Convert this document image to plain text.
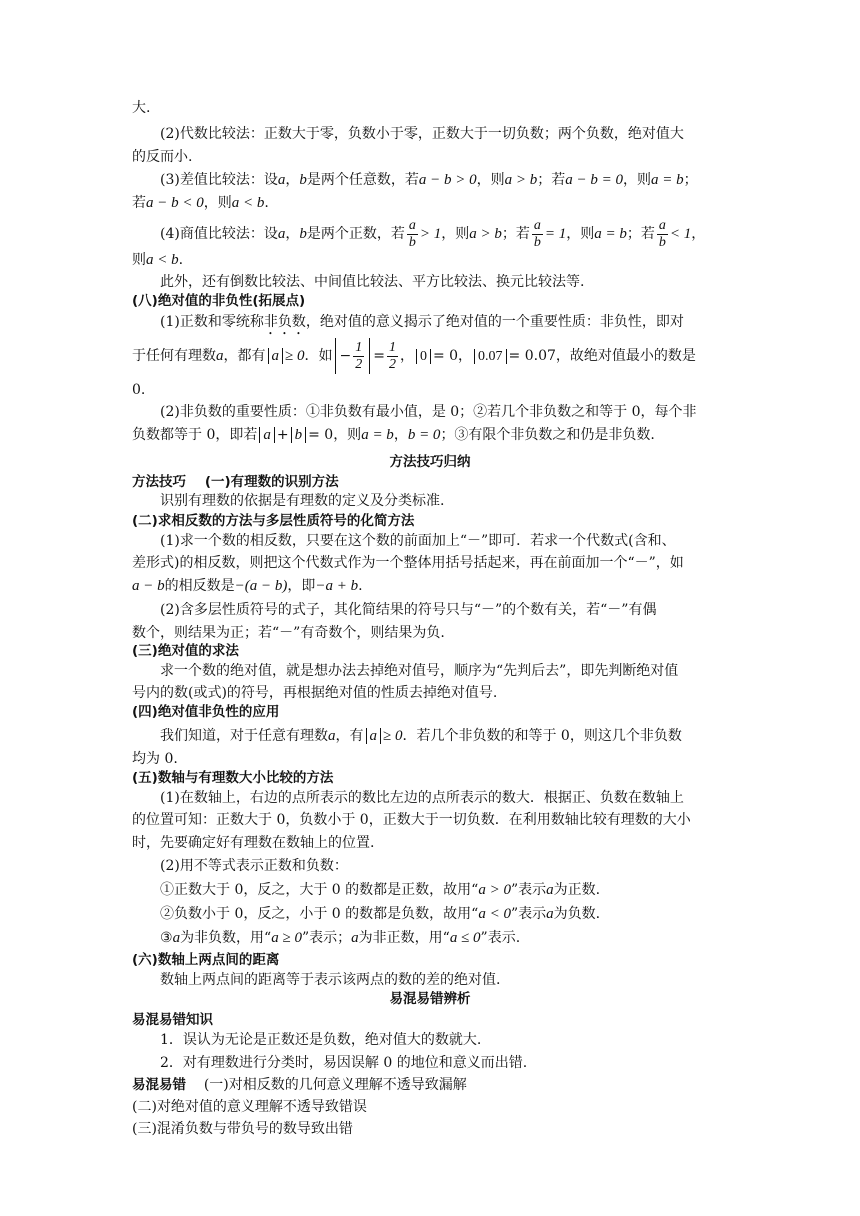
大.
(2)代数比较法：正数大于零，负数小于零，正数大于一切负数；两个负数，绝对值大
的反而小.
(3)差值比较法：设a，b是两个任意数，若a − b > 0，则a > b；若a − b = 0，则a = b；
若a − b < 0，则a < b.
(4)商值比较法：设a，b是两个正数，若 $\frac{a}{b} > 1$，则a > b；若 $\frac{a}{b} = 1$，则a = b；若 $\frac{a}{b} < 1$，
则a < b.
此外，还有倒数比较法、中间值比较法、平方比较法、换元比较法等.
(八)绝对值的非负性(拓展点)
(1)正数和零统称非负数，绝对值的意义揭示了绝对值的一个重要性质：非负性，即对
于任何有理数a，都有 a ≥ 0．如 − $\frac{1}{2} = \frac{1}{2}$ ， 0 = 0， 0.07 = 0.07，故绝对值最小的数是
0.
(2)非负数的重要性质：①非负数有最小值，是 0；②若几个非负数之和等于 0，每个非
负数都等于 0，即若 a + b = 0，则a = b，b = 0；③有限个非负数之和仍是非负数.
方法技巧归纳
方法技巧 (一)有理数的识别方法
识别有理数的依据是有理数的定义及分类标准.
(二)求相反数的方法与多层性质符号的化简方法
(1)求一个数的相反数，只要在这个数的前面加上“－”即可．若求一个代数式(含和、
差形式)的相反数，则把这个代数式作为一个整体用括号括起来，再在前面加一个“－”，如
a − b的相反数是−(a − b)，即−a + b.
(2)含多层性质符号的式子，其化简结果的符号只与“－”的个数有关，若“－”有偶
数个，则结果为正；若“－”有奇数个，则结果为负.
(三)绝对值的求法
求一个数的绝对值，就是想办法去掉绝对值号，顺序为“先判后去”，即先判断绝对值
号内的数(或式)的符号，再根据绝对值的性质去掉绝对值号.
(四)绝对值非负性的应用
我们知道，对于任意有理数a，有 a ≥ 0．若几个非负数的和等于 0，则这几个非负数
均为 0.
(五)数轴与有理数大小比较的方法
(1)在数轴上，右边的点所表示的数比左边的点所表示的数大．根据正、负数在数轴上
的位置可知：正数大于 0，负数小于 0，正数大于一切负数．在利用数轴比较有理数的大小
时，先要确定好有理数在数轴上的位置.
(2)用不等式表示正数和负数：
①正数大于 0，反之，大于 0 的数都是正数，故用“a > 0”表示a为正数.
②负数小于 0，反之，小于 0 的数都是负数，故用“a < 0”表示a为负数.
③a为非负数，用“a ≥ 0”表示；a为非正数，用“a ≤ 0”表示.
(六)数轴上两点间的距离
数轴上两点间的距离等于表示该两点的数的差的绝对值.
易混易错辨析
易混易错知识
1．误认为无论是正数还是负数，绝对值大的数就大.
2．对有理数进行分类时，易因误解 0 的地位和意义而出错.
易混易错 (一)对相反数的几何意义理解不透导致漏解
(二)对绝对值的意义理解不透导致错误
(三)混淆负数与带负号的数导致出错
